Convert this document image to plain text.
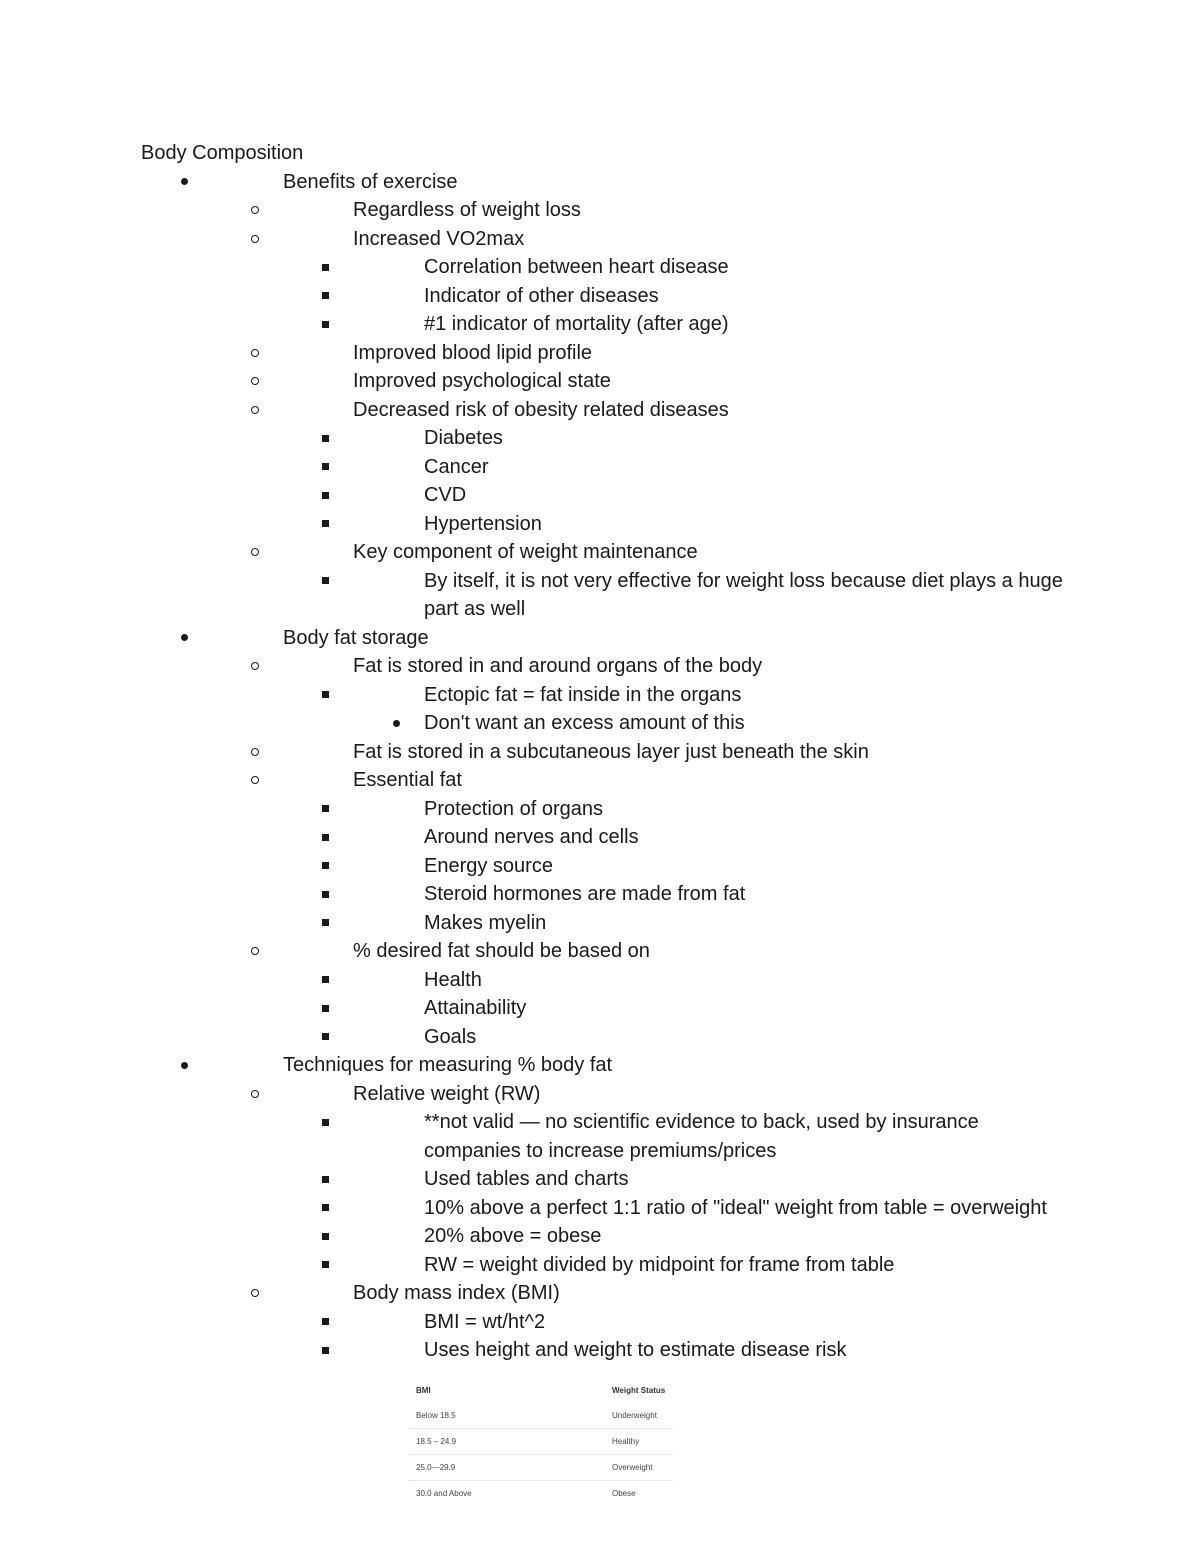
Body Composition
Benefits of exercise
Regardless of weight loss
Increased VO2max
Correlation between heart disease
Indicator of other diseases
#1 indicator of mortality (after age)
Improved blood lipid profile
Improved psychological state
Decreased risk of obesity related diseases
Diabetes
Cancer
CVD
Hypertension
Key component of weight maintenance
By itself, it is not very effective for weight loss because diet plays a huge part as well
Body fat storage
Fat is stored in and around organs of the body
Ectopic fat = fat inside in the organs
Don't want an excess amount of this
Fat is stored in a subcutaneous layer just beneath the skin
Essential fat
Protection of organs
Around nerves and cells
Energy source
Steroid hormones are made from fat
Makes myelin
% desired fat should be based on
Health
Attainability
Goals
Techniques for measuring % body fat
Relative weight (RW)
**not valid — no scientific evidence to back, used by insurance companies to increase premiums/prices
Used tables and charts
10% above a perfect 1:1 ratio of "ideal" weight from table = overweight
20% above = obese
RW = weight divided by midpoint for frame from table
Body mass index (BMI)
BMI = wt/ht^2
Uses height and weight to estimate disease risk
BMI	Weight Status
Below 18.5	Underweight
18.5 – 24.9	Healthy
25.0—29.9	Overweight
30.0 and Above	Obese
